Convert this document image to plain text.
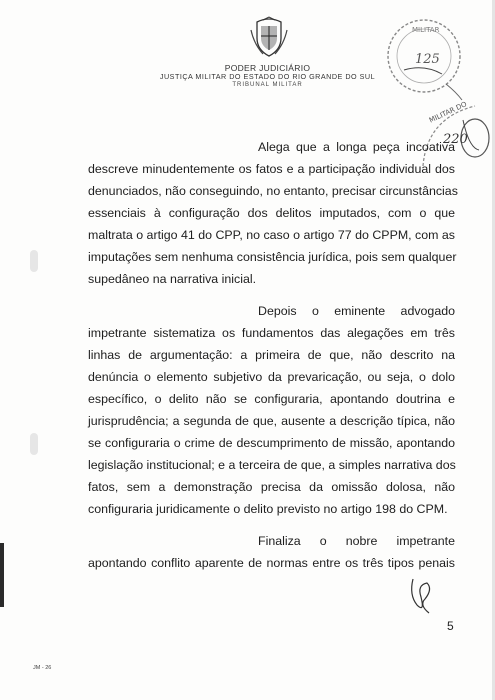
PODER JUDICIÁRIO
JUSTIÇA MILITAR DO ESTADO DO RIO GRANDE DO SUL
TRIBUNAL MILITAR
MILITAR
125
MILITAR DO
220
Alega que a longa peça incoativa
descreve minudentemente os fatos e a participação individual dos
denunciados, não conseguindo, no entanto, precisar circunstâncias
essenciais à configuração dos delitos imputados, com o que
maltrata o artigo 41 do CPP, no caso o artigo 77 do CPPM, com as
imputações sem nenhuma consistência jurídica, pois sem qualquer
supedâneo na narrativa inicial.
Depois o eminente advogado
impetrante sistematiza os fundamentos das alegações em três
linhas de argumentação: a primeira de que, não descrito na
denúncia o elemento subjetivo da prevaricação, ou seja, o dolo
específico, o delito não se configuraria, apontando doutrina e
jurisprudência; a segunda de que, ausente a descrição típica, não
se configuraria o crime de descumprimento de missão, apontando
legislação institucional; e a terceira de que, a simples narrativa dos
fatos, sem a demonstração precisa da omissão dolosa, não
configuraria juridicamente o delito previsto no artigo 198 do CPM.
Finaliza o nobre impetrante
apontando conflito aparente de normas entre os três tipos penais
5
JM - 26
